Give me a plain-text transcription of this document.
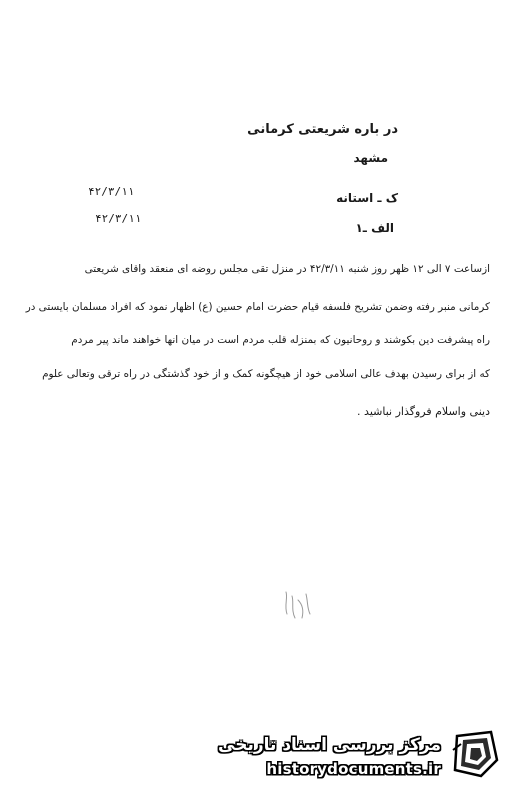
در باره شریعتی کرمانی
مشهد
ک ـ استانه
الف ـ۱
۴۲/۳/۱۱
۴۲/۳/۱۱
ازساعت ۷ الی ۱۲ ظهر روز شنبه ۴۲/۳/۱۱ در منزل تقی مجلس روضه ای منعقد واقای شریعتی
کرمانی منبر رفته وضمن تشریح فلسفه قیام حضرت امام حسین (ع) اظهار نمود که افراد مسلمان بایستی در
راه پیشرفت دین بکوشند و روحانیون که بمنزله قلب مردم است در میان انها خواهند ماند پیر مردم
که از برای رسیدن بهدف عالی اسلامی خود از هیچگونه کمک و از خود گذشتگی در راه ترقی وتعالی علوم
دینی واسلام فروگذار نباشید .
مرکز بررسی اسناد تاریخی
historydocuments.ir
